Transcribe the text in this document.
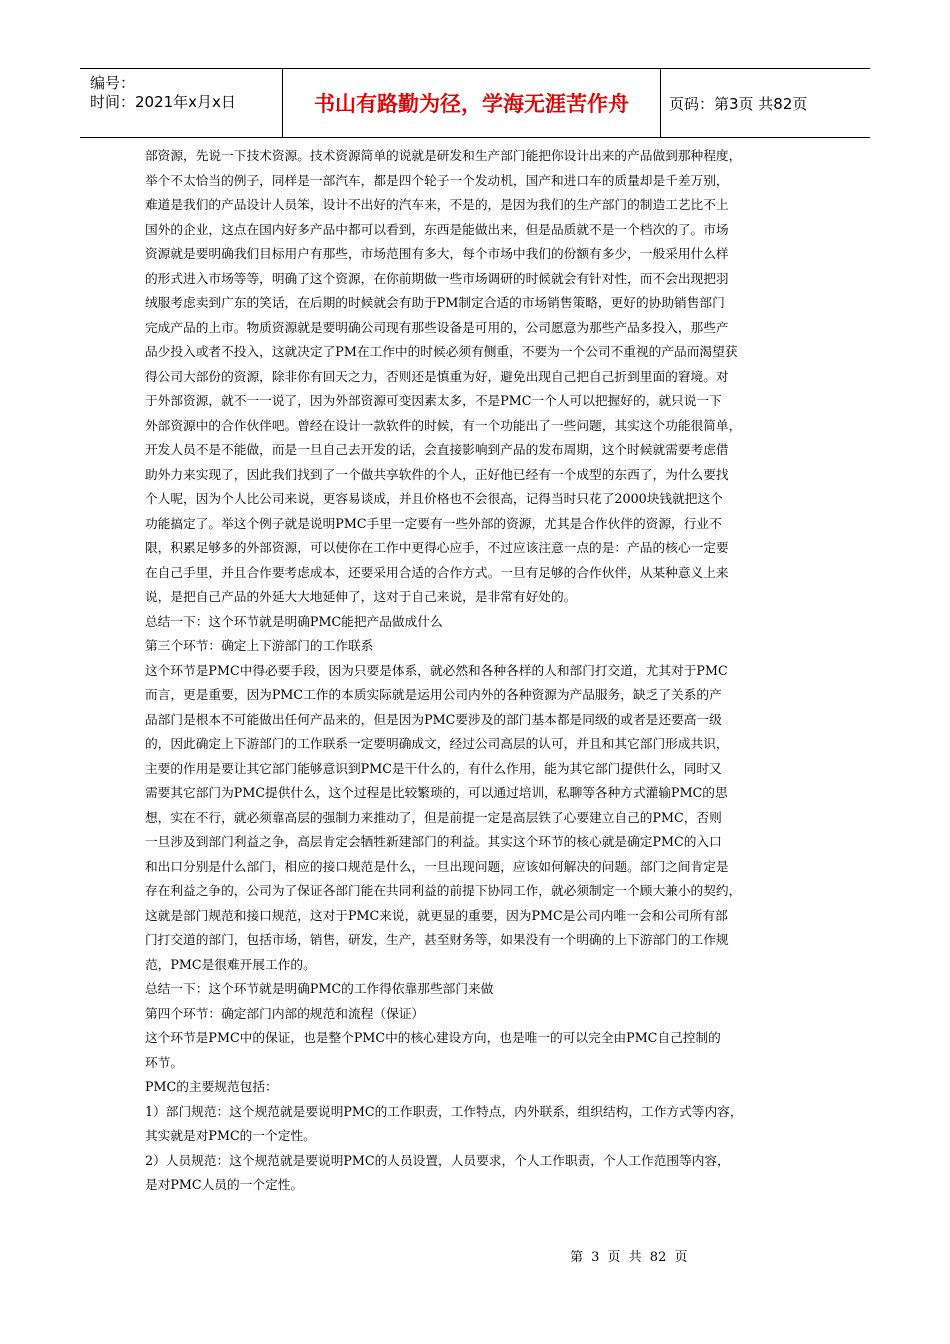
编号：
时间：2021年x月x日	书山有路勤为径，学海无涯苦作舟	页码：第3页 共82页
部资源，先说一下技术资源。技术资源简单的说就是研发和生产部门能把你设计出来的产品做到那种程度，
举个不太恰当的例子，同样是一部汽车，都是四个轮子一个发动机，国产和进口车的质量却是千差万别，
难道是我们的产品设计人员笨，设计不出好的汽车来，不是的，是因为我们的生产部门的制造工艺比不上
国外的企业，这点在国内好多产品中都可以看到，东西是能做出来，但是品质就不是一个档次的了。市场
资源就是要明确我们目标用户有那些，市场范围有多大，每个市场中我们的份额有多少，一般采用什么样
的形式进入市场等等，明确了这个资源，在你前期做一些市场调研的时候就会有针对性，而不会出现把羽
绒服考虑卖到广东的笑话，在后期的时候就会有助于PM制定合适的市场销售策略，更好的协助销售部门
完成产品的上市。物质资源就是要明确公司现有那些设备是可用的，公司愿意为那些产品多投入，那些产
品少投入或者不投入，这就决定了PM在工作中的时候必须有侧重，不要为一个公司不重视的产品而渴望获
得公司大部份的资源，除非你有回天之力，否则还是慎重为好，避免出现自己把自己折到里面的窘境。对
于外部资源，就不一一说了，因为外部资源可变因素太多，不是PMC一个人可以把握好的，就只说一下
外部资源中的合作伙伴吧。曾经在设计一款软件的时候，有一个功能出了一些问题，其实这个功能很简单，
开发人员不是不能做，而是一旦自己去开发的话，会直接影响到产品的发布周期，这个时候就需要考虑借
助外力来实现了，因此我们找到了一个做共享软件的个人，正好他已经有一个成型的东西了，为什么要找
个人呢，因为个人比公司来说，更容易谈成，并且价格也不会很高，记得当时只花了2000块钱就把这个
功能搞定了。举这个例子就是说明PMC手里一定要有一些外部的资源，尤其是合作伙伴的资源，行业不
限，积累足够多的外部资源，可以使你在工作中更得心应手，不过应该注意一点的是：产品的核心一定要
在自己手里，并且合作要考虑成本，还要采用合适的合作方式。一旦有足够的合作伙伴，从某种意义上来
说，是把自己产品的外延大大地延伸了，这对于自己来说，是非常有好处的。
总结一下：这个环节就是明确PMC能把产品做成什么
第三个环节：确定上下游部门的工作联系
这个环节是PMC中得必要手段，因为只要是体系，就必然和各种各样的人和部门打交道，尤其对于PMC
而言，更是重要，因为PMC工作的本质实际就是运用公司内外的各种资源为产品服务，缺乏了关系的产
品部门是根本不可能做出任何产品来的，但是因为PMC要涉及的部门基本都是同级的或者是还要高一级
的，因此确定上下游部门的工作联系一定要明确成文，经过公司高层的认可，并且和其它部门形成共识，
主要的作用是要让其它部门能够意识到PMC是干什么的，有什么作用，能为其它部门提供什么，同时又
需要其它部门为PMC提供什么，这个过程是比较繁琐的，可以通过培训，私聊等各种方式灌输PMC的思
想，实在不行，就必须靠高层的强制力来推动了，但是前提一定是高层铁了心要建立自己的PMC，否则
一旦涉及到部门利益之争，高层肯定会牺牲新建部门的利益。其实这个环节的核心就是确定PMC的入口
和出口分别是什么部门，相应的接口规范是什么，一旦出现问题，应该如何解决的问题。部门之间肯定是
存在利益之争的，公司为了保证各部门能在共同利益的前提下协同工作，就必须制定一个顾大兼小的契约，
这就是部门规范和接口规范，这对于PMC来说，就更显的重要，因为PMC是公司内唯一会和公司所有部
门打交道的部门，包括市场，销售，研发，生产，甚至财务等，如果没有一个明确的上下游部门的工作规
范，PMC是很难开展工作的。
总结一下：这个环节就是明确PMC的工作得依靠那些部门来做
第四个环节：确定部门内部的规范和流程（保证）
这个环节是PMC中的保证，也是整个PMC中的核心建设方向，也是唯一的可以完全由PMC自己控制的
环节。
PMC的主要规范包括：
1）部门规范：这个规范就是要说明PMC的工作职责，工作特点，内外联系，组织结构，工作方式等内容，
其实就是对PMC的一个定性。
2）人员规范：这个规范就是要说明PMC的人员设置，人员要求，个人工作职责，个人工作范围等内容，
是对PMC人员的一个定性。
第 3 页 共 82 页
